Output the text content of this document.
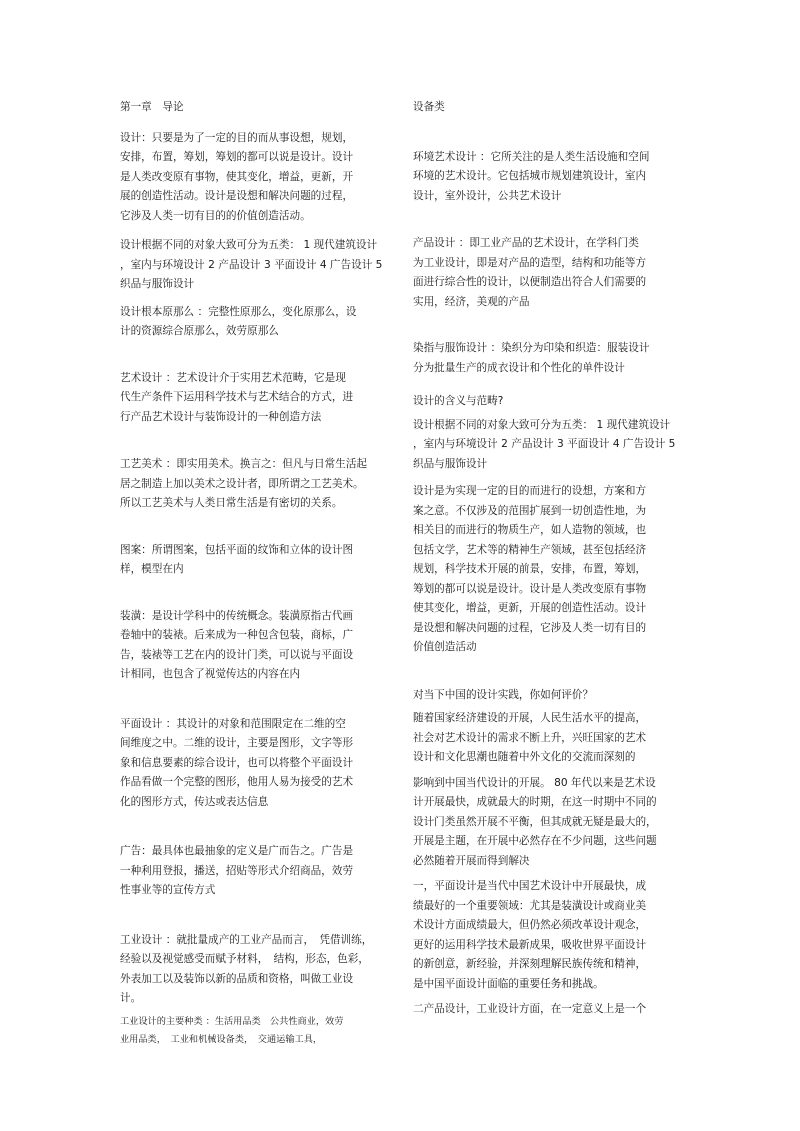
第一章　导论

设计：只要是为了一定的目的而从事设想，规划，
安排，布置，筹划，筹划的都可以说是设计。设计
是人类改变原有事物，使其变化，增益，更新，开
展的创造性活动。设计是设想和解决问题的过程，
它涉及人类一切有目的的价值创造活动。

设计根据不同的对象大致可分为五类： 1 现代建筑设计
，室内与环境设计 2 产品设计 3 平面设计 4 广告设计 5
织品与服饰设计

设计根本原那么 ：完整性原那么，变化原那么，设
计的资源综合原那么，效劳原那么

艺术设计 ：艺术设计介于实用艺术范畴，它是现
代生产条件下运用科学技术与艺术结合的方式，进
行产品艺术设计与装饰设计的一种创造方法

工艺美术 ：即实用美术。换言之：但凡与日常生活起
居之制造上加以美术之设计者，即所谓之工艺美术。
所以工艺美术与人类日常生活是有密切的关系。

图案：所谓图案，包括平面的纹饰和立体的设计图
样，模型在内

装潢：是设计学科中的传统概念。装潢原指古代画
卷轴中的装裱。后来成为一种包含包装，商标，广
告，装裱等工艺在内的设计门类，可以说与平面设
计相同，也包含了视觉传达的内容在内

平面设计 ：其设计的对象和范围限定在二维的空
间维度之中。二维的设计，主要是图形，文字等形
象和信息要素的综合设计，也可以将整个平面设计
作品看做一个完整的图形，他用人易为接受的艺术
化的图形方式，传达或表达信息

广告：最具体也最抽象的定义是广而告之。广告是
一种利用登报，播送，招贴等形式介绍商品，效劳
性事业等的宣传方式

工业设计 ：就批量成产的工业产品而言，　凭借训练，
经验以及视觉感受而赋予材料，　结构，形态，色彩，
外表加工以及装饰以新的品质和资格，叫做工业设
计。

工业设计的主要种类 ：生活用品类　公共性商业，效劳
业用品类，　工业和机械设备类，　交通运输工具，

设备类

环境艺术设计 ：它所关注的是人类生活设施和空间
环境的艺术设计。它包括城市规划建筑设计，室内
设计，室外设计，公共艺术设计

产品设计 ：即工业产品的艺术设计，在学科门类
为工业设计，即是对产品的造型，结构和功能等方
面进行综合性的设计，以便制造出符合人们需要的
实用，经济，美观的产品

染指与服饰设计 ：染织分为印染和织造：服装设计
分为批量生产的成衣设计和个性化的单件设计

设计的含义与范畴?

设计根据不同的对象大致可分为五类： 1 现代建筑设计
，室内与环境设计 2 产品设计 3 平面设计 4 广告设计 5
织品与服饰设计

设计是为实现一定的目的而进行的设想，方案和方
案之意。不仅涉及的范围扩展到一切创造性地，为
相关目的而进行的物质生产，如人造物的领域，也
包括文学，艺术等的精神生产领域，甚至包括经济
规划，科学技术开展的前景，安排，布置，筹划，
筹划的都可以说是设计。设计是人类改变原有事物
使其变化，增益，更新，开展的创造性活动。设计
是设想和解决问题的过程，它涉及人类一切有目的
价值创造活动

对当下中国的设计实践，你如何评价？

随着国家经济建设的开展，人民生活水平的提高，
社会对艺术设计的需求不断上升，兴旺国家的艺术
设计和文化思潮也随着中外文化的交流而深刻的

影响到中国当代设计的开展。 80 年代以来是艺术设
计开展最快，成就最大的时期，在这一时期中不同的
设计门类虽然开展不平衡，但其成就无疑是最大的，
开展是主题，在开展中必然存在不少问题，这些问题
必然随着开展而得到解决

一，平面设计是当代中国艺术设计中开展最快，成
绩最好的一个重要领域：尤其是装潢设计或商业美
术设计方面成绩最大，但仍然必须改革设计观念，
更好的运用科学技术最新成果，吸收世界平面设计
的新创意，新经验，并深刻理解民族传统和精神，
是中国平面设计面临的重要任务和挑战。

二产品设计，工业设计方面，在一定意义上是一个
